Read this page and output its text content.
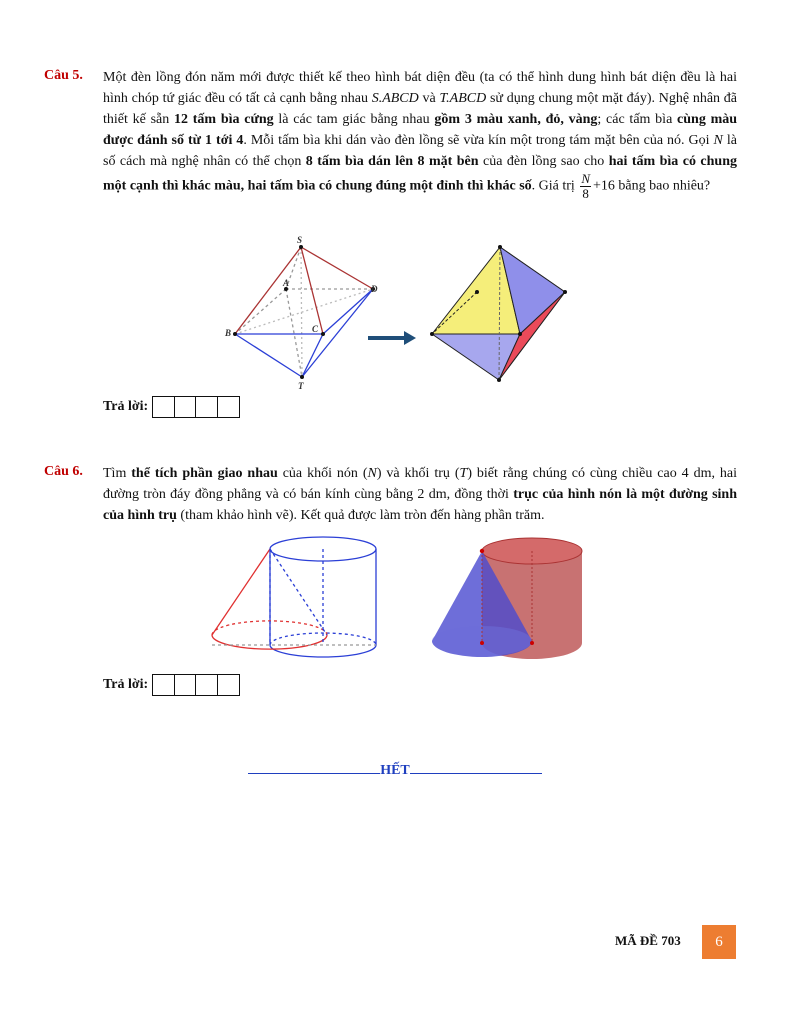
Câu 5. Một đèn lồng đón năm mới được thiết kế theo hình bát diện đều (ta có thể hình dung hình bát diện đều là hai hình chóp tứ giác đều có tất cả cạnh bằng nhau S.ABCD và T.ABCD sử dụng chung một mặt đáy). Nghệ nhân đã thiết kế sẵn 12 tấm bìa cứng là các tam giác bằng nhau gồm 3 màu xanh, đỏ, vàng; các tấm bìa cùng màu được đánh số từ 1 tới 4. Mỗi tấm bìa khi dán vào đèn lồng sẽ vừa kín một trong tám mặt bên của nó. Gọi N là số cách mà nghệ nhân có thể chọn 8 tấm bìa dán lên 8 mặt bên của đèn lồng sao cho hai tấm bìa có chung một cạnh thì khác màu, hai tấm bìa có chung đúng một đỉnh thì khác số. Giá trị $\frac{N}{8} +16$ bằng bao nhiêu?
S
A
B	C
D
T
Trả lời:
Câu 6. Tìm thể tích phần giao nhau của khối nón (N) và khối trụ (T) biết rằng chúng có cùng chiều cao 4 dm, hai đường tròn đáy đồng phẳng và có bán kính cùng bằng 2 dm, đồng thời trục của hình nón là một đường sinh của hình trụ (tham khảo hình vẽ). Kết quả được làm tròn đến hàng phần trăm.
Trả lời:
HẾT
MÃ ĐỀ 703	6
